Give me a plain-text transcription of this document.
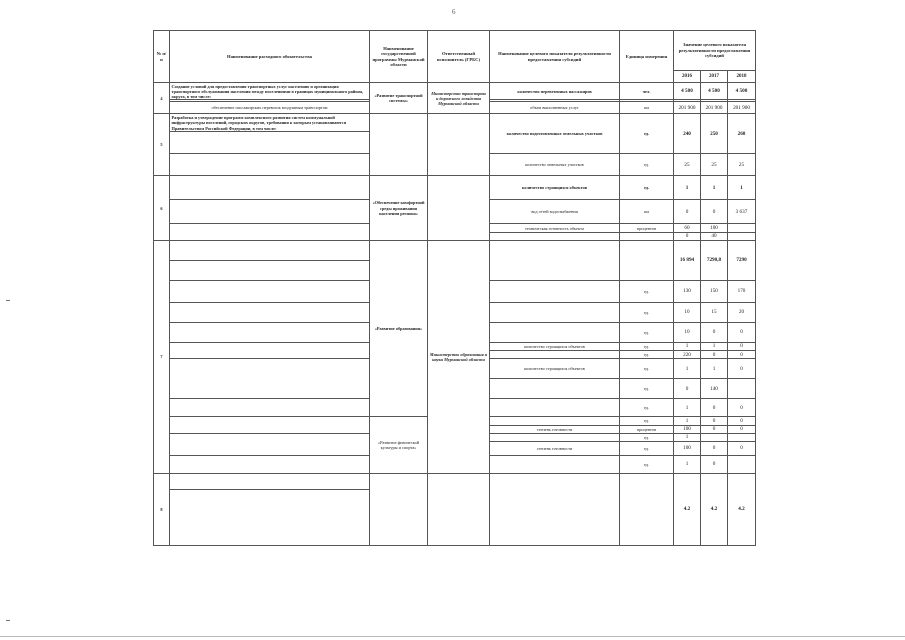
6
№ п/п	Наименование расходного обязательства	Наименование государственной программы Мурманской области	Ответственный исполнитель (ГРБС)	Наименование целевого показателя результативности предоставления субсидий	Единица измерения	Значение целевого показателя результативности предоставления субсидий		
						2016	2017	2018
4	Создание условий для предоставления транспортных услуг населению и организация транспортного обслуживания населения между поселениями в границах муниципального района, округа, в том числе:	«Развитие транспортной системы»	Министерство транспорта и дорожного хозяйства Мурманской области	количество перевезенных пассажиров	чел.	4 500	4 500	4 500

	обеспечение пассажирских перевозок воздушным транспортом			объем выполненных услуг	км	201 900	201 900	201 900
5	Разработка и утверждение программ комплексного развития систем коммунальной инфраструктуры поселений, городских округов, требования к которым устанавливаются Правительством Российской Федерации, в том числе:			количество подготовленных земельных участков	ед.	240	250	260

				количество земельных участков	ед.	25	25	25
6		«Обеспечение комфортной среды проживания населения региона»		количество строящихся объектов	ед.	1	1	1
				вод сетей водоснабжения	км	0	0	3 637
				техническая готовность объекта	процентов	60	100	
						0	40	

7		«Развитие образования»	Министерство образования и науки Мурманской области			16 894	7290,8	7290

					ед.	130	150	170
					ед.	10	15	20
					ед.	10	0	0
				количество строящихся объектов	ед.	1	1	0
					ед.	220	0	0
				количество строящихся объектов	ед.	1	1	0
					ед.	0	140	
					ед.	1	0	0
		«Развитие физической культуры и спорта»			ед.	1	0	0
				степень готовности	процентов	100	0	0
					ед.	1		
				степень готовности	ед.	100	0	0
					ед.	1	0	
8						4.2	4.2	4.2
